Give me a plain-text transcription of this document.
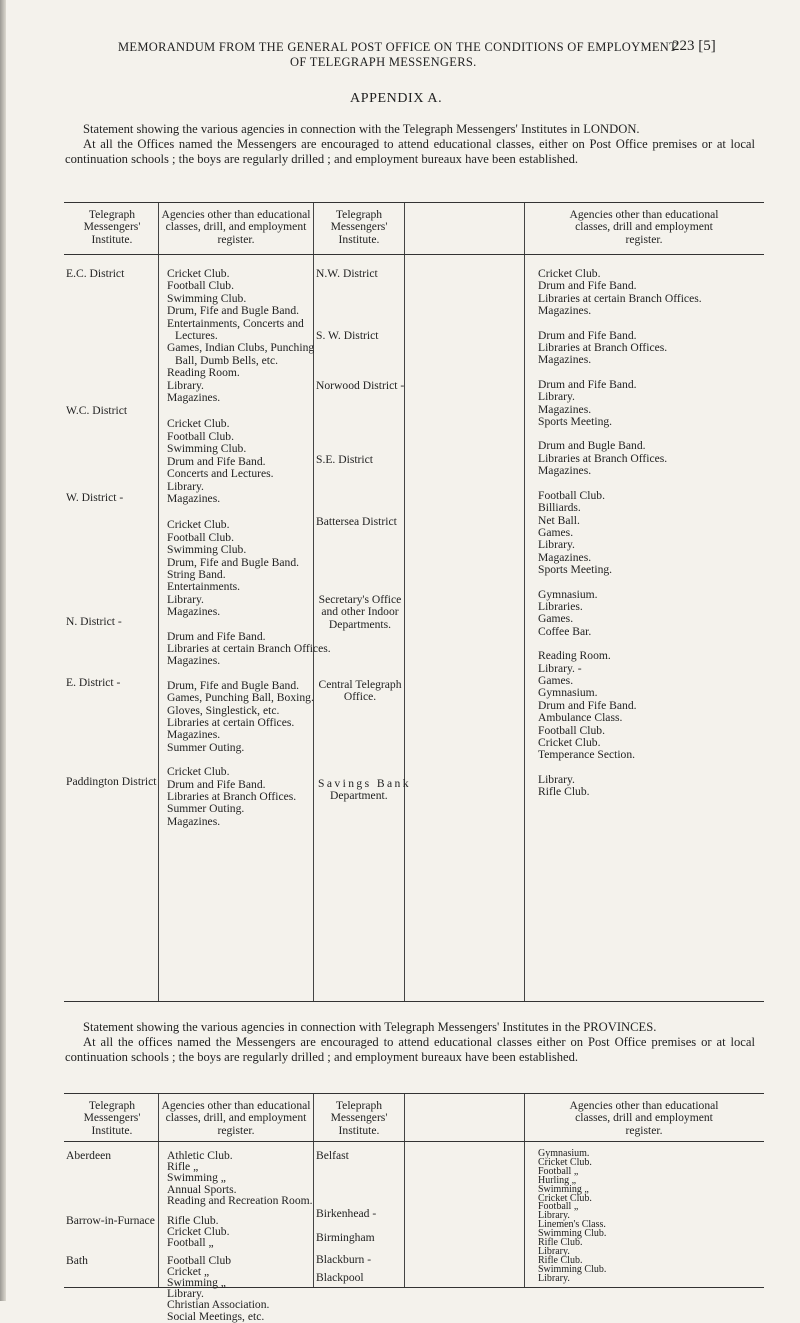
MEMORANDUM FROM THE GENERAL POST OFFICE ON THE CONDITIONS OF EMPLOYMENT
223 [5]
OF TELEGRAPH MESSENGERS.
APPENDIX A.

Statement showing the various agencies in connection with the Telegraph Messengers' Institutes in LONDON.

At all the Offices named the Messengers are encouraged to attend educational classes, either on Post Office premises or at local continuation schools ; the boys are regularly drilled ; and employment bureaux have been established.

Telegraph
Messengers'
Institute.
Agencies other than educational
classes, drill, and employment
register.
Telegraph
Messengers'
Institute.
Agencies other than educational
classes, drill and employment
register.
E.C. District
W.C. District
W. District -
N. District -
E. District -
Paddington District
Cricket Club.
Football Club.
Swimming Club.
Drum, Fife and Bugle Band.
Entertainments, Concerts and
Lectures.
Games, Indian Clubs, Punching
Ball, Dumb Bells, etc.
Reading Room.
Library.
Magazines.
Cricket Club.
Football Club.
Swimming Club.
Drum and Fife Band.
Concerts and Lectures.
Library.
Magazines.
Cricket Club.
Football Club.
Swimming Club.
Drum, Fife and Bugle Band.
String Band.
Entertainments.
Library.
Magazines.
Drum and Fife Band.
Libraries at certain Branch Offices.
Magazines.
Drum, Fife and Bugle Band.
Games, Punching Ball, Boxing.
Gloves, Singlestick, etc.
Libraries at certain Offices.
Magazines.
Summer Outing.
Cricket Club.
Drum and Fife Band.
Libraries at Branch Offices.
Summer Outing.
Magazines.
N.W. District
S. W. District
Norwood District -
S.E. District
Battersea District
Secretary's Office and other Indoor Departments.
Central Telegraph Office.
Savings Bank
Department.
Cricket Club.
Drum and Fife Band.
Libraries at certain Branch Offices.
Magazines.
Drum and Fife Band.
Libraries at Branch Offices.
Magazines.
Drum and Fife Band.
Library.
Magazines.
Sports Meeting.
Drum and Bugle Band.
Libraries at Branch Offices.
Magazines.
Football Club.
Billiards.
Net Ball.
Games.
Library.
Magazines.
Sports Meeting.
Gymnasium.
Libraries.
Games.
Coffee Bar.
Reading Room.
Library. -
Games.
Gymnasium.
Drum and Fife Band.
Ambulance Class.
Football Club.
Cricket Club.
Temperance Section.
Library.
Rifle Club.

Statement showing the various agencies in connection with Telegraph Messengers' Institutes in the PROVINCES.

At all the offices named the Messengers are encouraged to attend educational classes either on Post Office premises or at local continuation schools ; the boys are regularly drilled ; and employment bureaux have been established.

Telegraph
Messengers'
Institute.
Agencies other than educational
classes, drill, and employment
register.
Telepraph
Messengers'
Institute.
Agencies other than educational
classes, drill and employment
register.
Aberdeen
Barrow-in-Furnace
Bath
Athletic Club.
Rifle „
Swimming „
Annual Sports.
Reading and Recreation Room.
Rifle Club.
Cricket Club.
Football „
Football Club
Cricket „
Swimming „
Library.
Christian Association.
Social Meetings, etc.
Belfast
Birkenhead -
Birmingham
Blackburn -
Blackpool
Gymnasium.
Cricket Club.
Football „
Hurling „
Swimming „
Cricket Club.
Football „
Library.
Linemen's Class.
Swimming Club.
Rifle Club.
Library.
Rifle Club.
Swimming Club.
Library.
